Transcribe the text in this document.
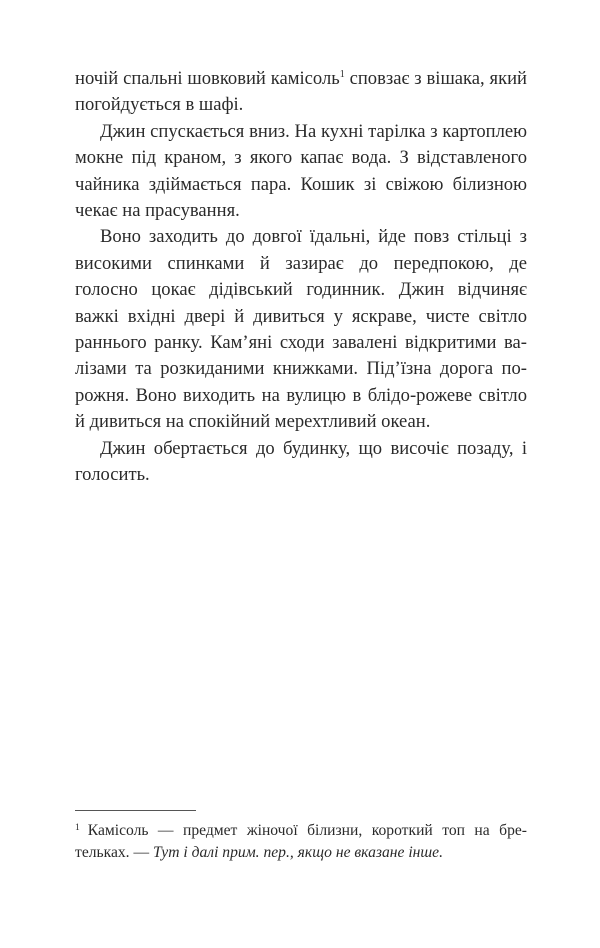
ночій спальні шовковий камісоль$^1$ сповзає з вішака, який погойдується в шафі.

Джин спускається вниз. На кухні тарілка з картоплею мокне під краном, з якого капає вода. З відставленого чайника здіймається пара. Кошик зі свіжою білизною чекає на прасування.

Воно заходить до довгої їдальні, йде повз стільці з високими спинками й зазирає до передпокою, де голосно цокає дідівський годинник. Джин відчиняє важкі вхідні двері й дивиться у яскраве, чисте світло раннього ранку. Кам’яні сходи завалені відкритими валізами та розкиданими книжками. Під’їзна дорога порожня. Воно виходить на вулицю в блідо-рожеве світло й дивиться на спокійний мерехтливий океан.

Джин обертається до будинку, що височіє позаду, і голосить.

$^1$ Камісоль — предмет жіночої білизни, короткий топ на бретельках. — Тут і далі прим. пер., якщо не вказане інше.
